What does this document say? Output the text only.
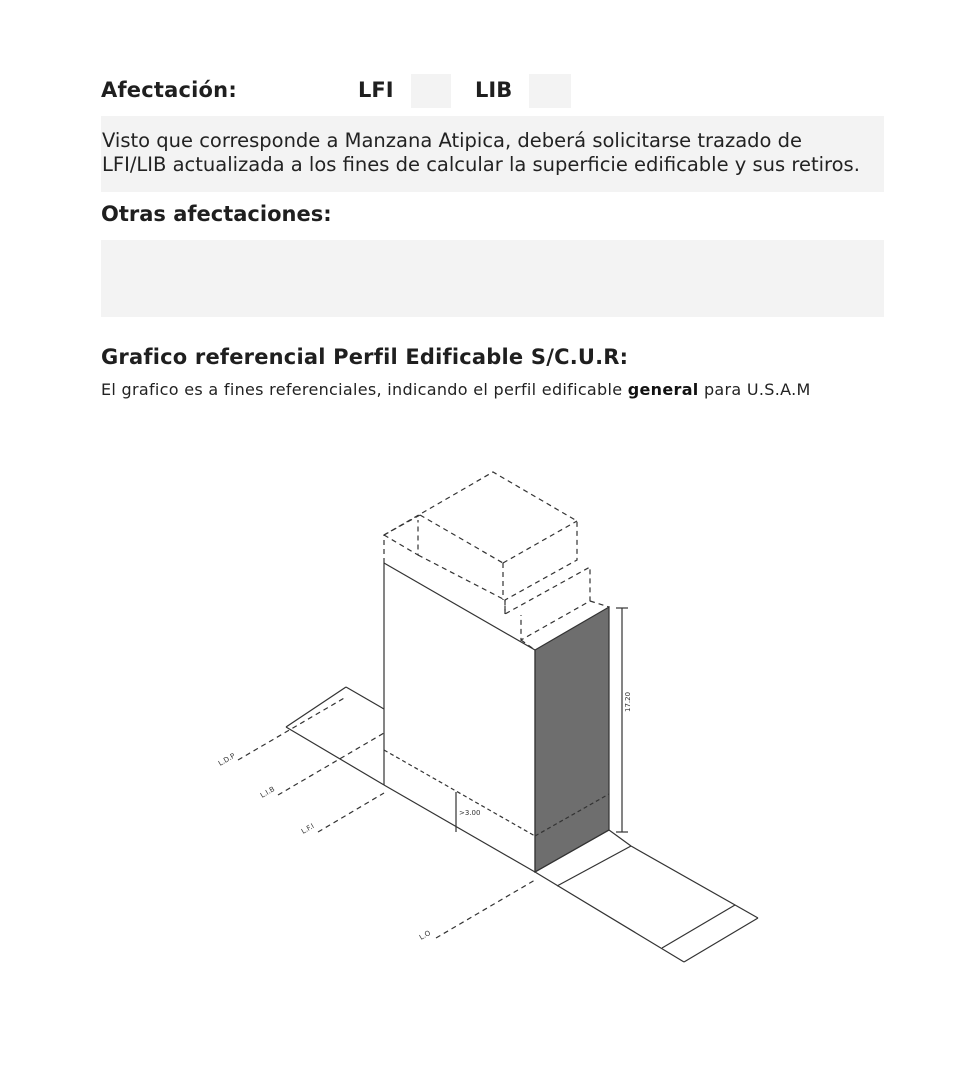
Afectación:	LFI	LIB
Visto que corresponde a Manzana Atipica, deberá solicitarse trazado de
LFI/LIB actualizada a los fines de calcular la superficie edificable y sus retiros.
Otras afectaciones:
Grafico referencial Perfil Edificable S/C.U.R:
El grafico es a fines referenciales, indicando el perfil edificable general para U.S.A.M
L.D.P
L.I.B
L.F.I
L.O
17.20
>3.00
